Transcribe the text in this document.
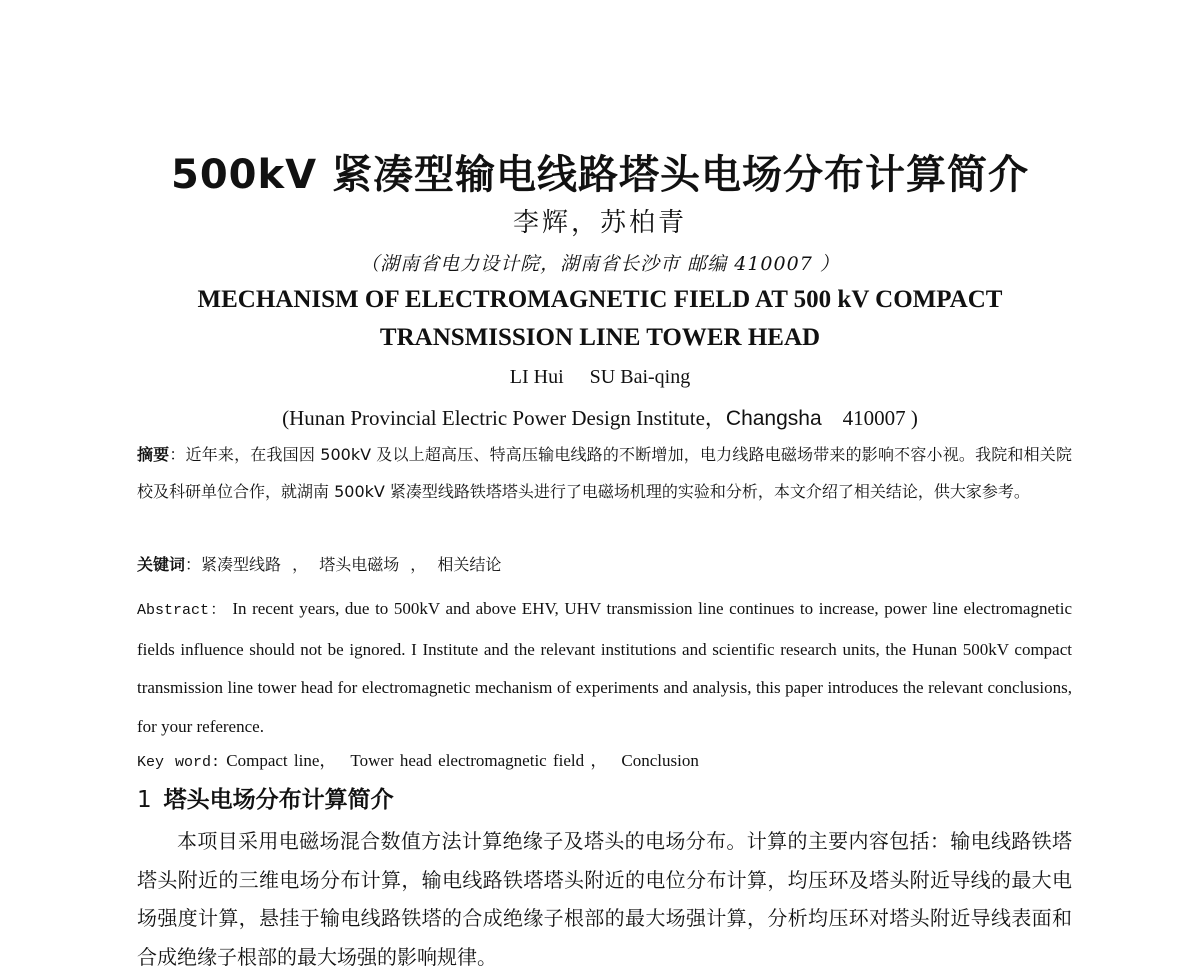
500kV 紧凑型输电线路塔头电场分布计算简介
李辉，苏柏青
（湖南省电力设计院，湖南省长沙市 邮编 410007 ）
MECHANISM OF ELECTROMAGNETIC FIELD AT 500 kV COMPACT
TRANSMISSION LINE TOWER HEAD
LI Hui SU Bai-qing
(Hunan Provincial Electric Power Design Institute，Changsha 410007 )
摘要：近年来，在我国因 500kV 及以上超高压、特高压输电线路的不断增加，电力线路电磁场带来的影响不容小视。我院和相关院校及科研单位合作，就湖南 500kV 紧凑型线路铁塔塔头进行了电磁场机理的实验和分析，本文介绍了相关结论，供大家参考。
关键词：紧凑型线路 ， 塔头电磁场 ， 相关结论
Abstract： In recent years, due to 500kV and above EHV, UHV transmission line continues to increase, power line electromagnetic fields influence should not be ignored. I Institute and the relevant institutions and scientific research units, the Hunan 500kV compact transmission line tower head for electromagnetic mechanism of experiments and analysis, this paper introduces the relevant conclusions, for your reference.
Key word: Compact line， Tower head electromagnetic field ， Conclusion
1 塔头电场分布计算简介
本项目采用电磁场混合数值方法计算绝缘子及塔头的电场分布。计算的主要内容包括：输电线路铁塔塔头附近的三维电场分布计算，输电线路铁塔塔头附近的电位分布计算，均压环及塔头附近导线的最大电场强度计算，悬挂于输电线路铁塔的合成绝缘子根部的最大场强计算，分析均压环对塔头附近导线表面和合成绝缘子根部的最大场强的影响规律。
